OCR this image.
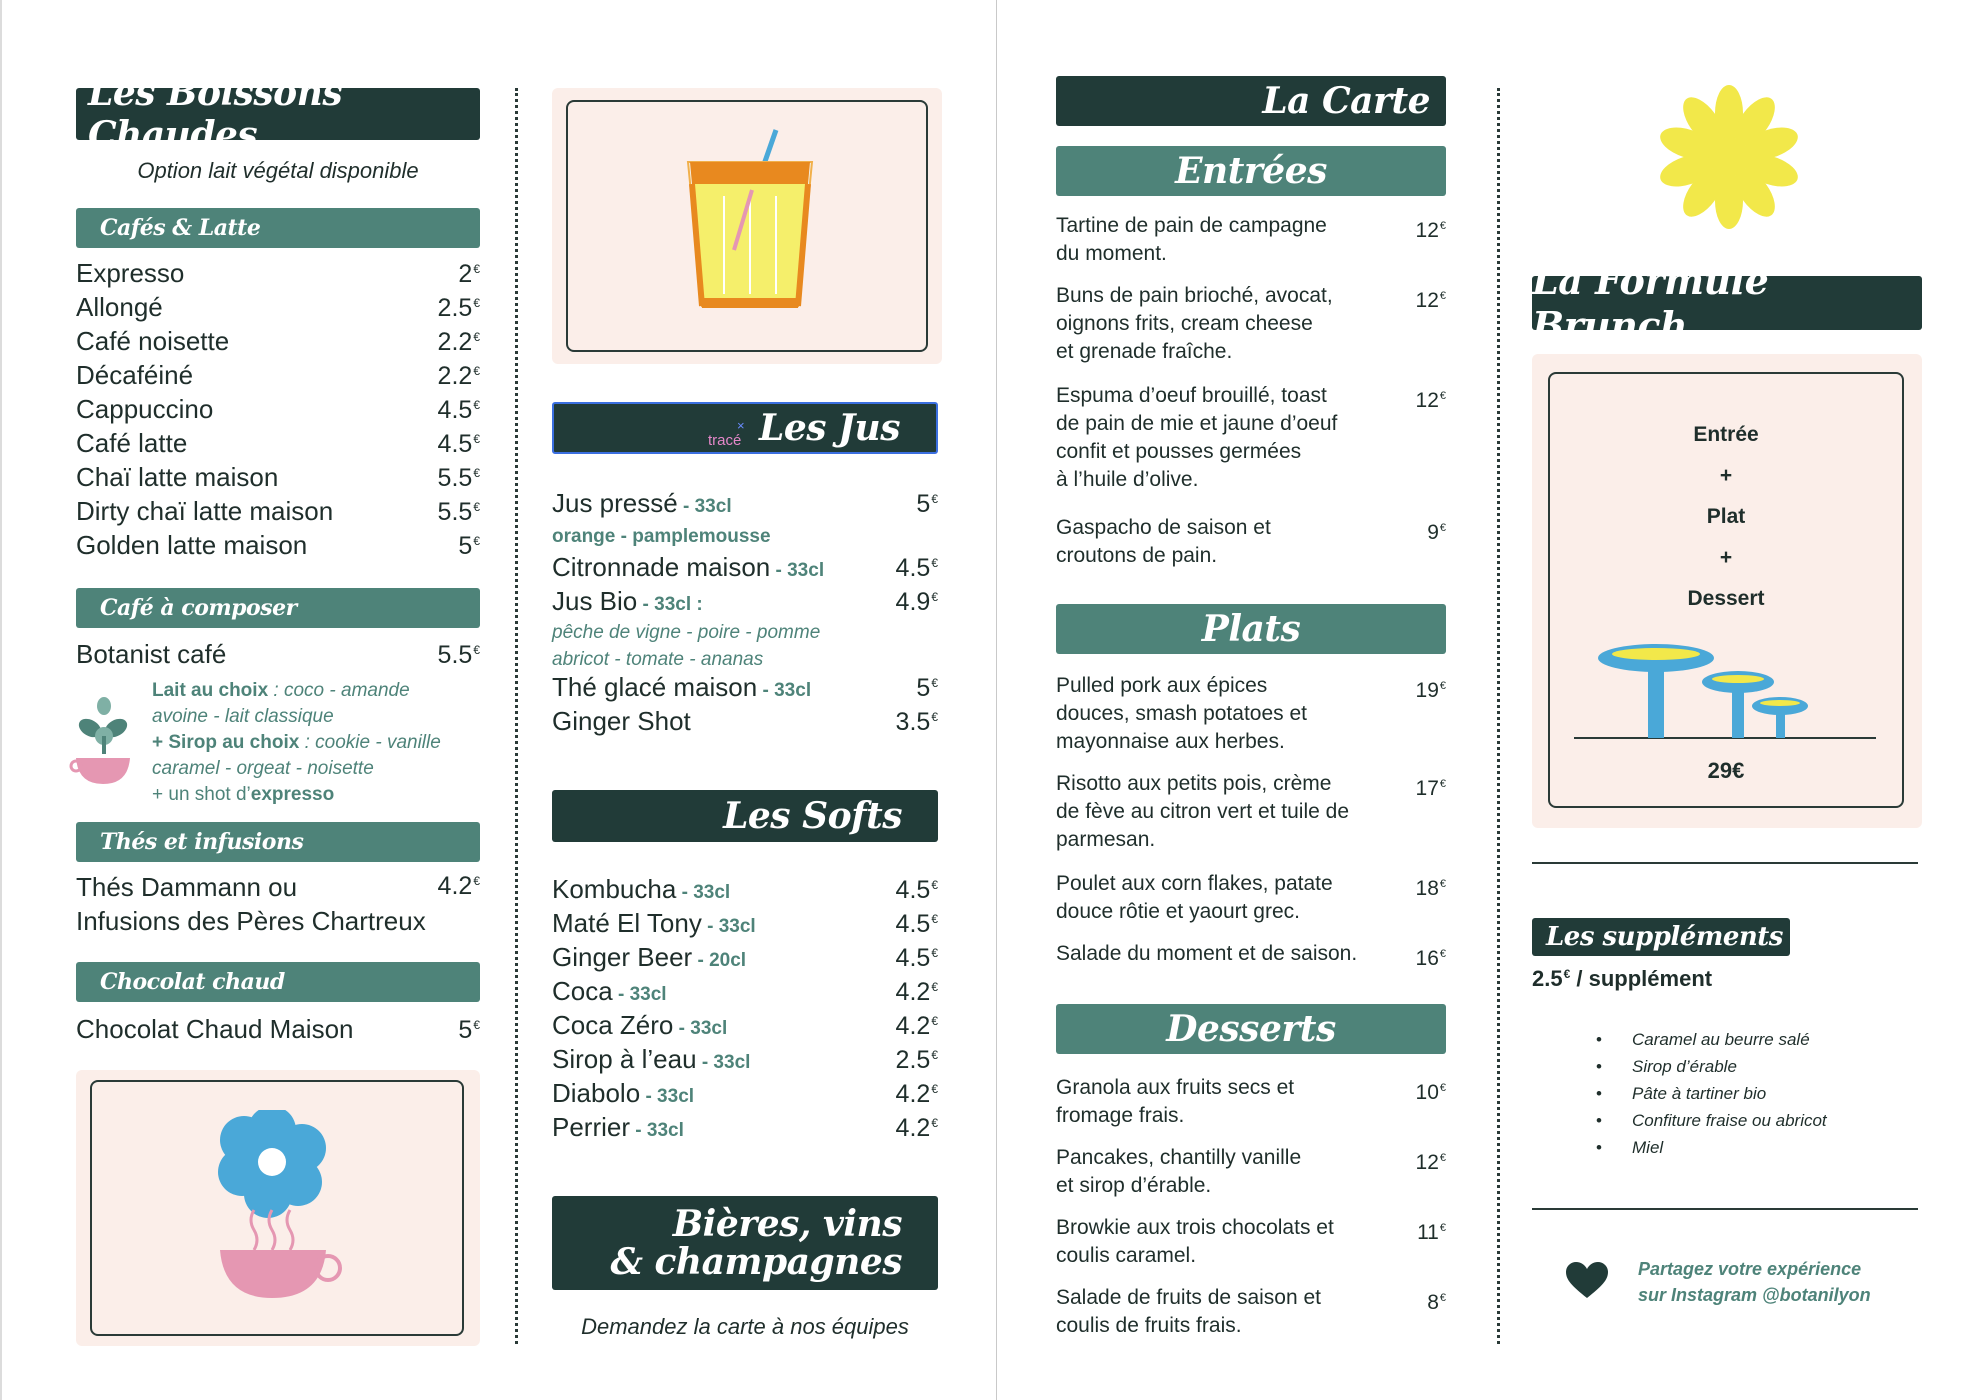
Les Boissons Chaudes
Option lait végétal disponible
Cafés & Latte
Expresso	2€
Allongé	2.5€
Café noisette	2.2€
Décaféiné	2.2€
Cappuccino	4.5€
Café latte	4.5€
Chaï latte maison	5.5€
Dirty chaï latte maison	5.5€
Golden latte maison	5€
Café à composer
Botanist café	5.5€
Lait au choix : coco - amande
avoine - lait classique
+ Sirop au choix : cookie - vanille
caramel - orgeat - noisette
+ un shot d’expresso
Thés et infusions
Thés Dammann ou	4.2€
Infusions des Pères Chartreux
Chocolat chaud
Chocolat Chaud Maison	5€
Les Jus
tracé
×
Jus pressé - 33cl	5€
Citronnade maison - 33cl	4.5€
Jus Bio - 33cl :	4.9€
Thé glacé maison - 33cl	5€
Ginger Shot	3.5€
orange - pamplemousse
pêche de vigne - poire - pomme
abricot - tomate - ananas
Les Softs
Kombucha - 33cl	4.5€
Maté El Tony - 33cl	4.5€
Ginger Beer - 20cl	4.5€
Coca - 33cl	4.2€
Coca Zéro - 33cl	4.2€
Sirop à l’eau - 33cl	2.5€
Diabolo - 33cl	4.2€
Perrier - 33cl	4.2€
Bières, vins
& champagnes
Demandez la carte à nos équipes
La Carte
Entrées
Tartine de pain de campagne
du moment.
12€
Buns de pain brioché, avocat,
oignons frits, cream cheese
et grenade fraîche.
12€
Espuma d’oeuf brouillé, toast
de pain de mie et jaune d’oeuf
confit et pousses germées
à l’huile d’olive.
12€
Gaspacho de saison et
croutons de pain.
9€
Plats
Pulled pork aux épices
douces, smash potatoes et
mayonnaise aux herbes.
19€
Risotto aux petits pois, crème
de fève au citron vert et tuile de
parmesan.
17€
Poulet aux corn flakes, patate
douce rôtie et yaourt grec.
18€
Salade du moment et de saison.	16€
Desserts
Granola aux fruits secs et
fromage frais.
10€
Pancakes, chantilly vanille
et sirop d’érable.
12€
Browkie aux trois chocolats et
coulis caramel.
11€
Salade de fruits de saison et
coulis de fruits frais.
8€
La Formule Brunch
Entrée
+
Plat
+
Dessert
29€
Les suppléments
2.5€ / supplément
• Caramel au beurre salé
• Sirop d’érable
• Pâte à tartiner bio
• Confiture fraise ou abricot
• Miel
Partagez votre expérience
sur Instagram @botanilyon
